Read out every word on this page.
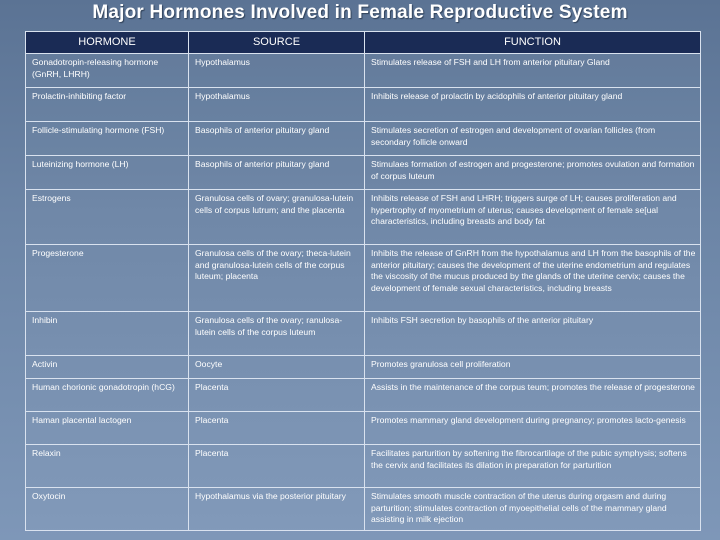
Major Hormones Involved in Female Reproductive System
HORMONE	SOURCE	FUNCTION
Gonadotropin-releasing hormone (GnRH, LHRH)	Hypothalamus	Stimulates release of FSH and LH from anterior pituitary Gland
Prolactin-inhibiting factor	Hypothalamus	Inhibits release of prolactin by acidophils of anterior pituitary gland
Follicle-stimulating hormone (FSH)	Basophils of anterior pituitary gland	Stimulates secretion of estrogen and development of ovarian follicles (from secondary follicle onward
Luteinizing hormone (LH)	Basophils of anterior pituitary gland	Stimulaes formation of estrogen and progesterone; promotes ovulation and formation of corpus luteum
Estrogens	Granulosa cells of ovary; granulosa-lutein cells of corpus lutrum; and the placenta	Inhibits release of FSH and LHRH; triggers surge of LH; causes proliferation and hypertrophy of myometrium of uterus; causes development of female se[ual characteristics, including breasts and body fat
Progesterone	Granulosa cells of the ovary; theca-lutein and granulosa-lutein cells of the corpus luteum; placenta	Inhibits the release of GnRH from the hypothalamus and LH from the basophils of the anterior pituitary; causes the development of the uterine endometrium and regulates the viscosity of the mucus produced by the glands of the uterine cervix; causes the development of female sexual characteristics, including breasts
Inhibin	Granulosa cells of the ovary; ranulosa-lutein cells of the corpus luteum	Inhibits FSH secretion by basophils of the anterior pituitary
Activin	Oocyte	Promotes granulosa cell proliferation
Human chorionic gonadotropin (hCG)	Placenta	Assists in the maintenance of the corpus teum; promotes the release of progesterone
Haman placental lactogen	Placenta	Promotes mammary gland development during pregnancy; promotes lacto-genesis
Relaxin	Placenta	Facilitates parturition by softening the fibrocartilage of the pubic symphysis; softens the cervix and facilitates its dilation in preparation for parturition
Oxytocin	Hypothalamus via the posterior pituitary	Stimulates smooth muscle contraction of the uterus during orgasm and during parturition; stimulates contraction of myoepithelial cells of the mammary gland assisting in milk ejection
